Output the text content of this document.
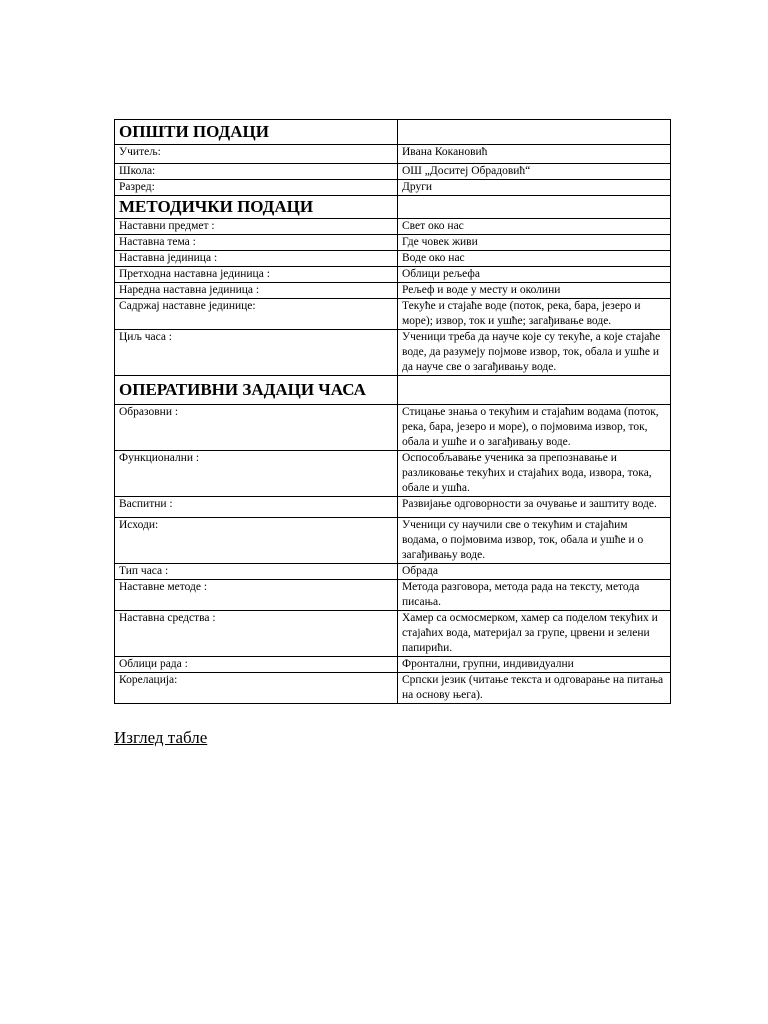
ОПШТИ ПОДАЦИ	
Учитељ:	Ивана Кокановић
Школа:	ОШ „Доситеј Обрадовић“
Разред:	Други
МЕТОДИЧКИ ПОДАЦИ	
Наставни предмет :	Свет око нас
Наставна тема :	Где човек живи
Наставна јединица :	Воде око нас
Претходна наставна јединица :	Облици рељефа
Наредна наставна јединица :	Рељеф и воде у месту и околини
Садржај наставне јединице:	Текуће и стајаће воде (поток, река, бара, језеро и море); извор, ток и ушће; загађивање воде.
Циљ часа :	Ученици треба да науче које су текуће, а које стајаће воде, да разумеју појмове извор, ток, обала и ушће и да науче све о загађивању воде.
ОПЕРАТИВНИ ЗАДАЦИ ЧАСА	
Образовни :	Стицање знања о текућим и стајаћим водама (поток, река, бара, језеро и море), о појмовима извор, ток, обала и ушће и о загађивању воде.
Функционални :	Оспособљавање ученика за препознавање и разликовање текућих и стајаћих вода, извора, тока, обале и ушћа.
Васпитни :	Развијање одговорности за очување и заштиту воде.
Исходи:	Ученици су научили све о текућим и стајаћим водама, о појмовима извор, ток, обала и ушће и о загађивању воде.
Тип часа :	Обрада
Наставне методе :	Метода разговора, метода рада на тексту, метода писања.
Наставна средства :	Хамер са осмосмерком, хамер са поделом текућих и стајаћих вода, материјал за групе, црвени и зелени папирићи.
Облици рада :	Фронтални, групни, индивидуални
Корелација:	Српски језик (читање текста и одговарање на питања на основу њега).
Изглед табле
